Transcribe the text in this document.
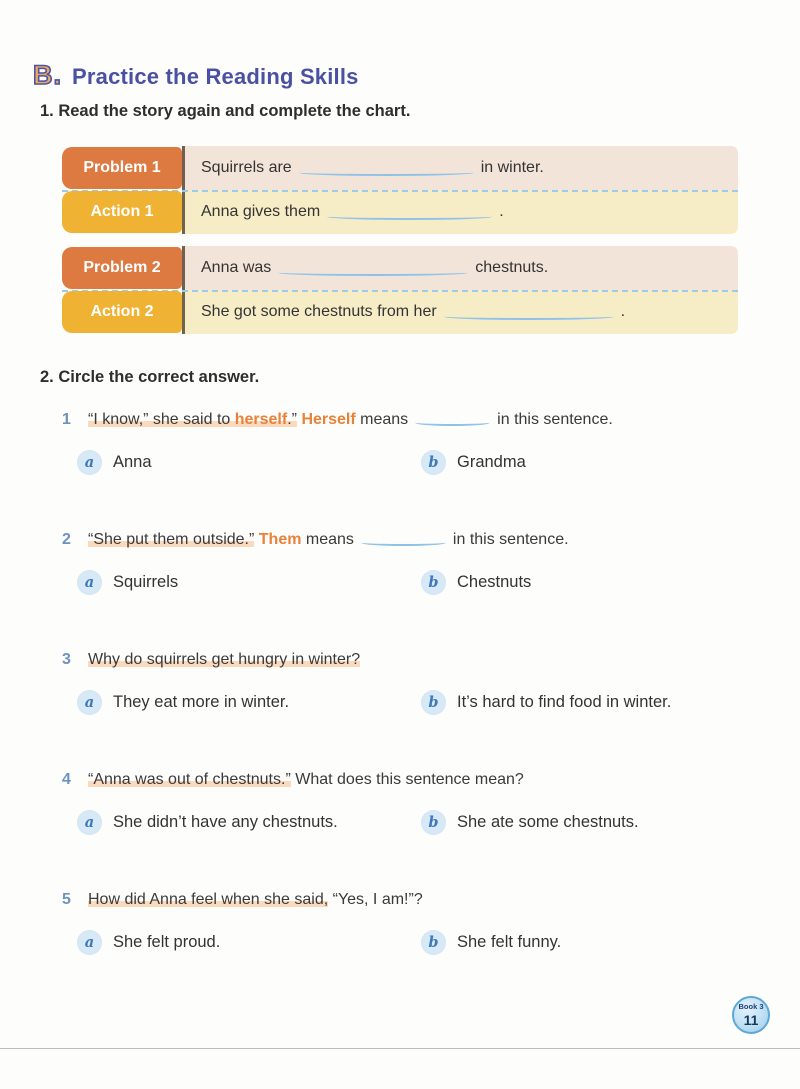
B. Practice the Reading Skills
1. Read the story again and complete the chart.
Problem 1	Squirrels are	in winter.
Action 1	Anna gives them	.
Problem 2	Anna was	chestnuts.
Action 2	She got some chestnuts from her	.
2. Circle the correct answer.
1	“I know,” she said to herself.” Herself means	in this sentence.
a	Anna	b	Grandma
2	“She put them outside.” Them means	in this sentence.
a	Squirrels	b	Chestnuts
3	Why do squirrels get hungry in winter?
a	They eat more in winter.	b	It’s hard to find food in winter.
4	“Anna was out of chestnuts.” What does this sentence mean?
a	She didn’t have any chestnuts.	b	She ate some chestnuts.
5	How did Anna feel when she said, “Yes, I am!”?
a	She felt proud.	b	She felt funny.
Book 3
11
